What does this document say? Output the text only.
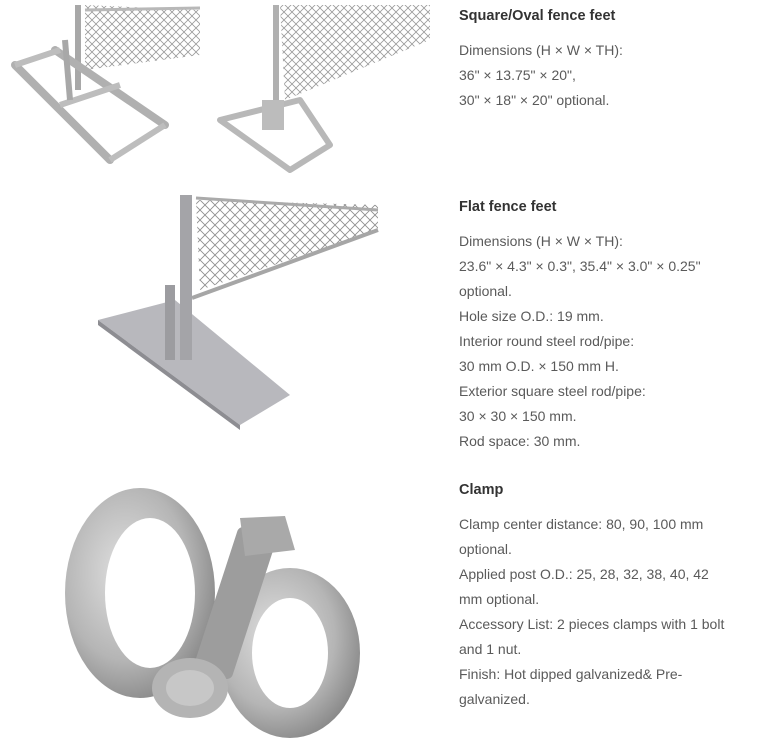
Square/Oval fence feet
Dimensions (H × W × TH):
36" × 13.75" × 20",
30" × 18" × 20" optional.
Flat fence feet
Dimensions (H × W × TH):
23.6" × 4.3" × 0.3", 35.4" × 3.0" × 0.25"
optional.
Hole size O.D.: 19 mm.
Interior round steel rod/pipe:
30 mm O.D. × 150 mm H.
Exterior square steel rod/pipe:
30 × 30 × 150 mm.
Rod space: 30 mm.
Clamp
Clamp center distance: 80, 90, 100 mm
optional.
Applied post O.D.: 25, 28, 32, 38, 40, 42
mm optional.
Accessory List: 2 pieces clamps with 1 bolt
and 1 nut.
Finish: Hot dipped galvanized& Pre-
galvanized.
